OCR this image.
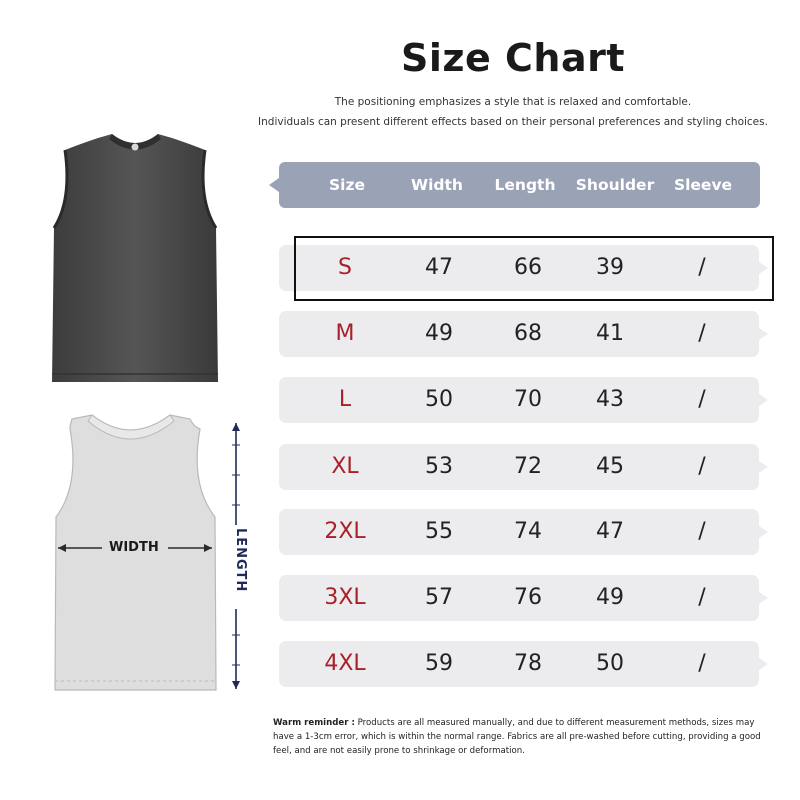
Size Chart
The positioning emphasizes a style that is relaxed and comfortable.
Individuals can present different effects based on their personal preferences and styling choices.
WIDTH	LENGTH
Size	Width	Length	Shoulder	Sleeve
S	47	66	39	/
M	49	68	41	/
L	50	70	43	/
XL	53	72	45	/
2XL	55	74	47	/
3XL	57	76	49	/
4XL	59	78	50	/
Warm reminder : Products are all measured manually, and due to different measurement methods, sizes may have a 1-3cm error, which is within the normal range. Fabrics are all pre-washed before cutting, providing a good feel, and are not easily prone to shrinkage or deformation.
